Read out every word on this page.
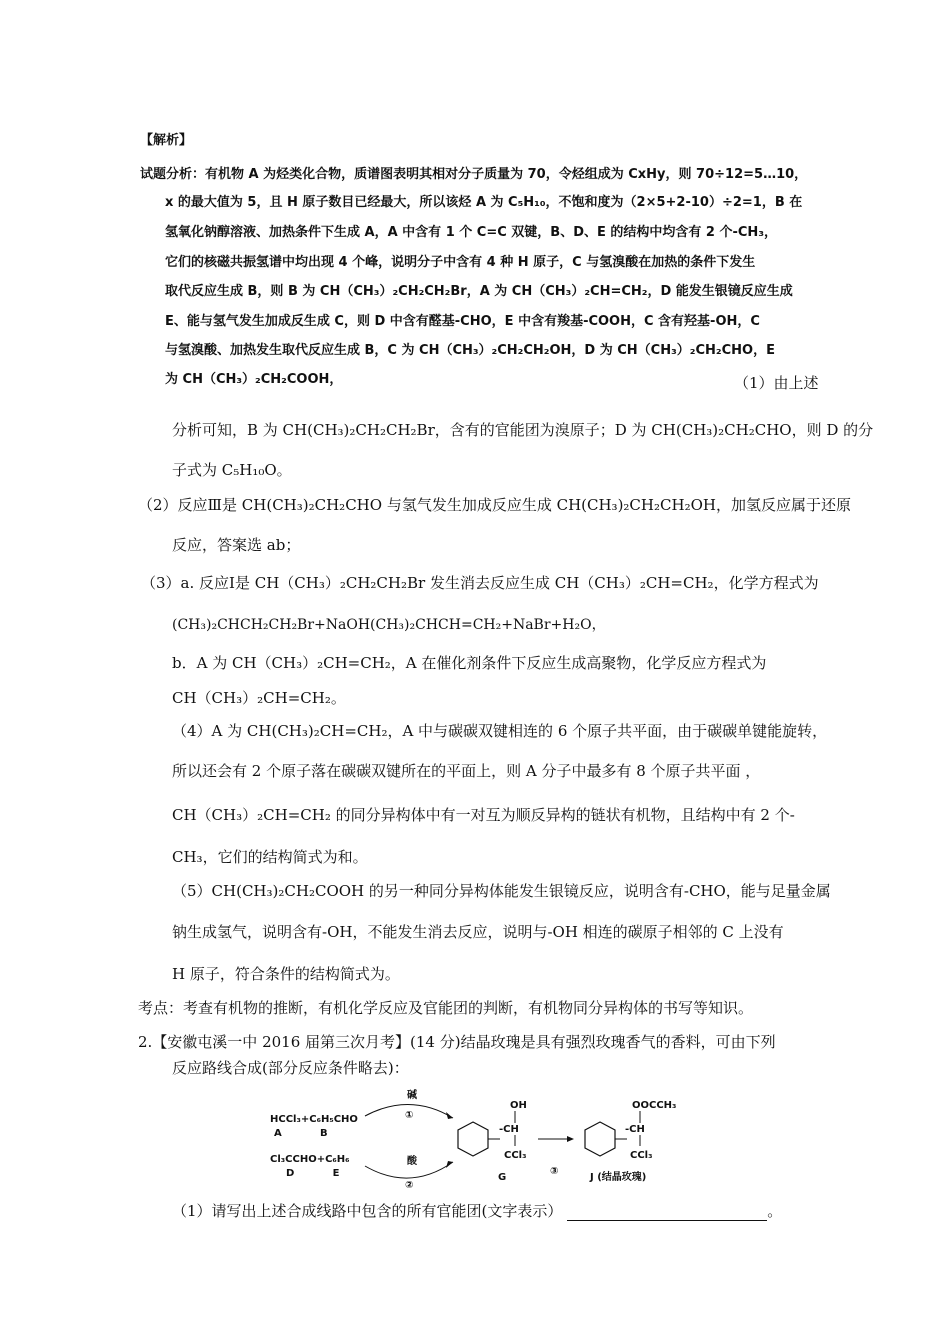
【解析】
试题分析：有机物 A 为烃类化合物，质谱图表明其相对分子质量为 70，令烃组成为 CxHy，则 70÷12=5…10，
x 的最大值为 5，且 H 原子数目已经最大，所以该烃 A 为 C₅H₁₀，不饱和度为（2×5+2-10）÷2=1，B 在
氢氧化钠醇溶液、加热条件下生成 A，A 中含有 1 个 C=C 双键，B、D、E 的结构中均含有 2 个-CH₃，
它们的核磁共振氢谱中均出现 4 个峰，说明分子中含有 4 种 H 原子，C 与氢溴酸在加热的条件下发生
取代反应生成 B，则 B 为 CH（CH₃）₂CH₂CH₂Br，A 为 CH（CH₃）₂CH=CH₂，D 能发生银镜反应生成
E、能与氢气发生加成反生成 C，则 D 中含有醛基-CHO，E 中含有羧基-COOH，C 含有羟基-OH，C
与氢溴酸、加热发生取代反应生成 B，C 为 CH（CH₃）₂CH₂CH₂OH，D 为 CH（CH₃）₂CH₂CHO，E
为 CH（CH₃）₂CH₂COOH，	（1）由上述
分析可知，B 为 CH(CH₃)₂CH₂CH₂Br，含有的官能团为溴原子；D 为 CH(CH₃)₂CH₂CHO，则 D 的分
子式为 C₅H₁₀O。
（2）反应Ⅲ是 CH(CH₃)₂CH₂CHO 与氢气发生加成反应生成 CH(CH₃)₂CH₂CH₂OH，加氢反应属于还原
反应，答案选 ab；
（3）a. 反应Ⅰ是 CH（CH₃）₂CH₂CH₂Br 发生消去反应生成 CH（CH₃）₂CH=CH₂，化学方程式为
(CH₃)₂CHCH₂CH₂Br+NaOH(CH₃)₂CHCH=CH₂+NaBr+H₂O，
b．A 为 CH（CH₃）₂CH=CH₂，A 在催化剂条件下反应生成高聚物，化学反应方程式为
CH（CH₃）₂CH=CH₂。
（4）A 为 CH(CH₃)₂CH=CH₂，A 中与碳碳双键相连的 6 个原子共平面，由于碳碳单键能旋转，
所以还会有 2 个原子落在碳碳双键所在的平面上，则 A 分子中最多有 8 个原子共平面 ，
CH（CH₃）₂CH=CH₂ 的同分异构体中有一对互为顺反异构的链状有机物，且结构中有 2 个-
CH₃，它们的结构简式为和。
（5）CH(CH₃)₂CH₂COOH 的另一种同分异构体能发生银镜反应，说明含有-CHO，能与足量金属
钠生成氢气，说明含有-OH，不能发生消去反应，说明与-OH 相连的碳原子相邻的 C 上没有
H 原子，符合条件的结构简式为。
考点：考查有机物的推断，有机化学反应及官能团的判断，有机物同分异构体的书写等知识。
2.【安徽屯溪一中 2016 届第三次月考】(14 分)结晶玫瑰是具有强烈玫瑰香气的香料，可由下列
反应路线合成(部分反应条件略去)：
HCCl₃+C₆H₅CHO
A           B
Cl₃CCHO+C₆H₆
D           E
碱
①
酸
②
OH
-CH
CCl₃
G
③
OOCCH₃
-CH
CCl₃
J (结晶玫瑰)
（1）请写出上述合成线路中包含的所有官能团(文字表示）	。
